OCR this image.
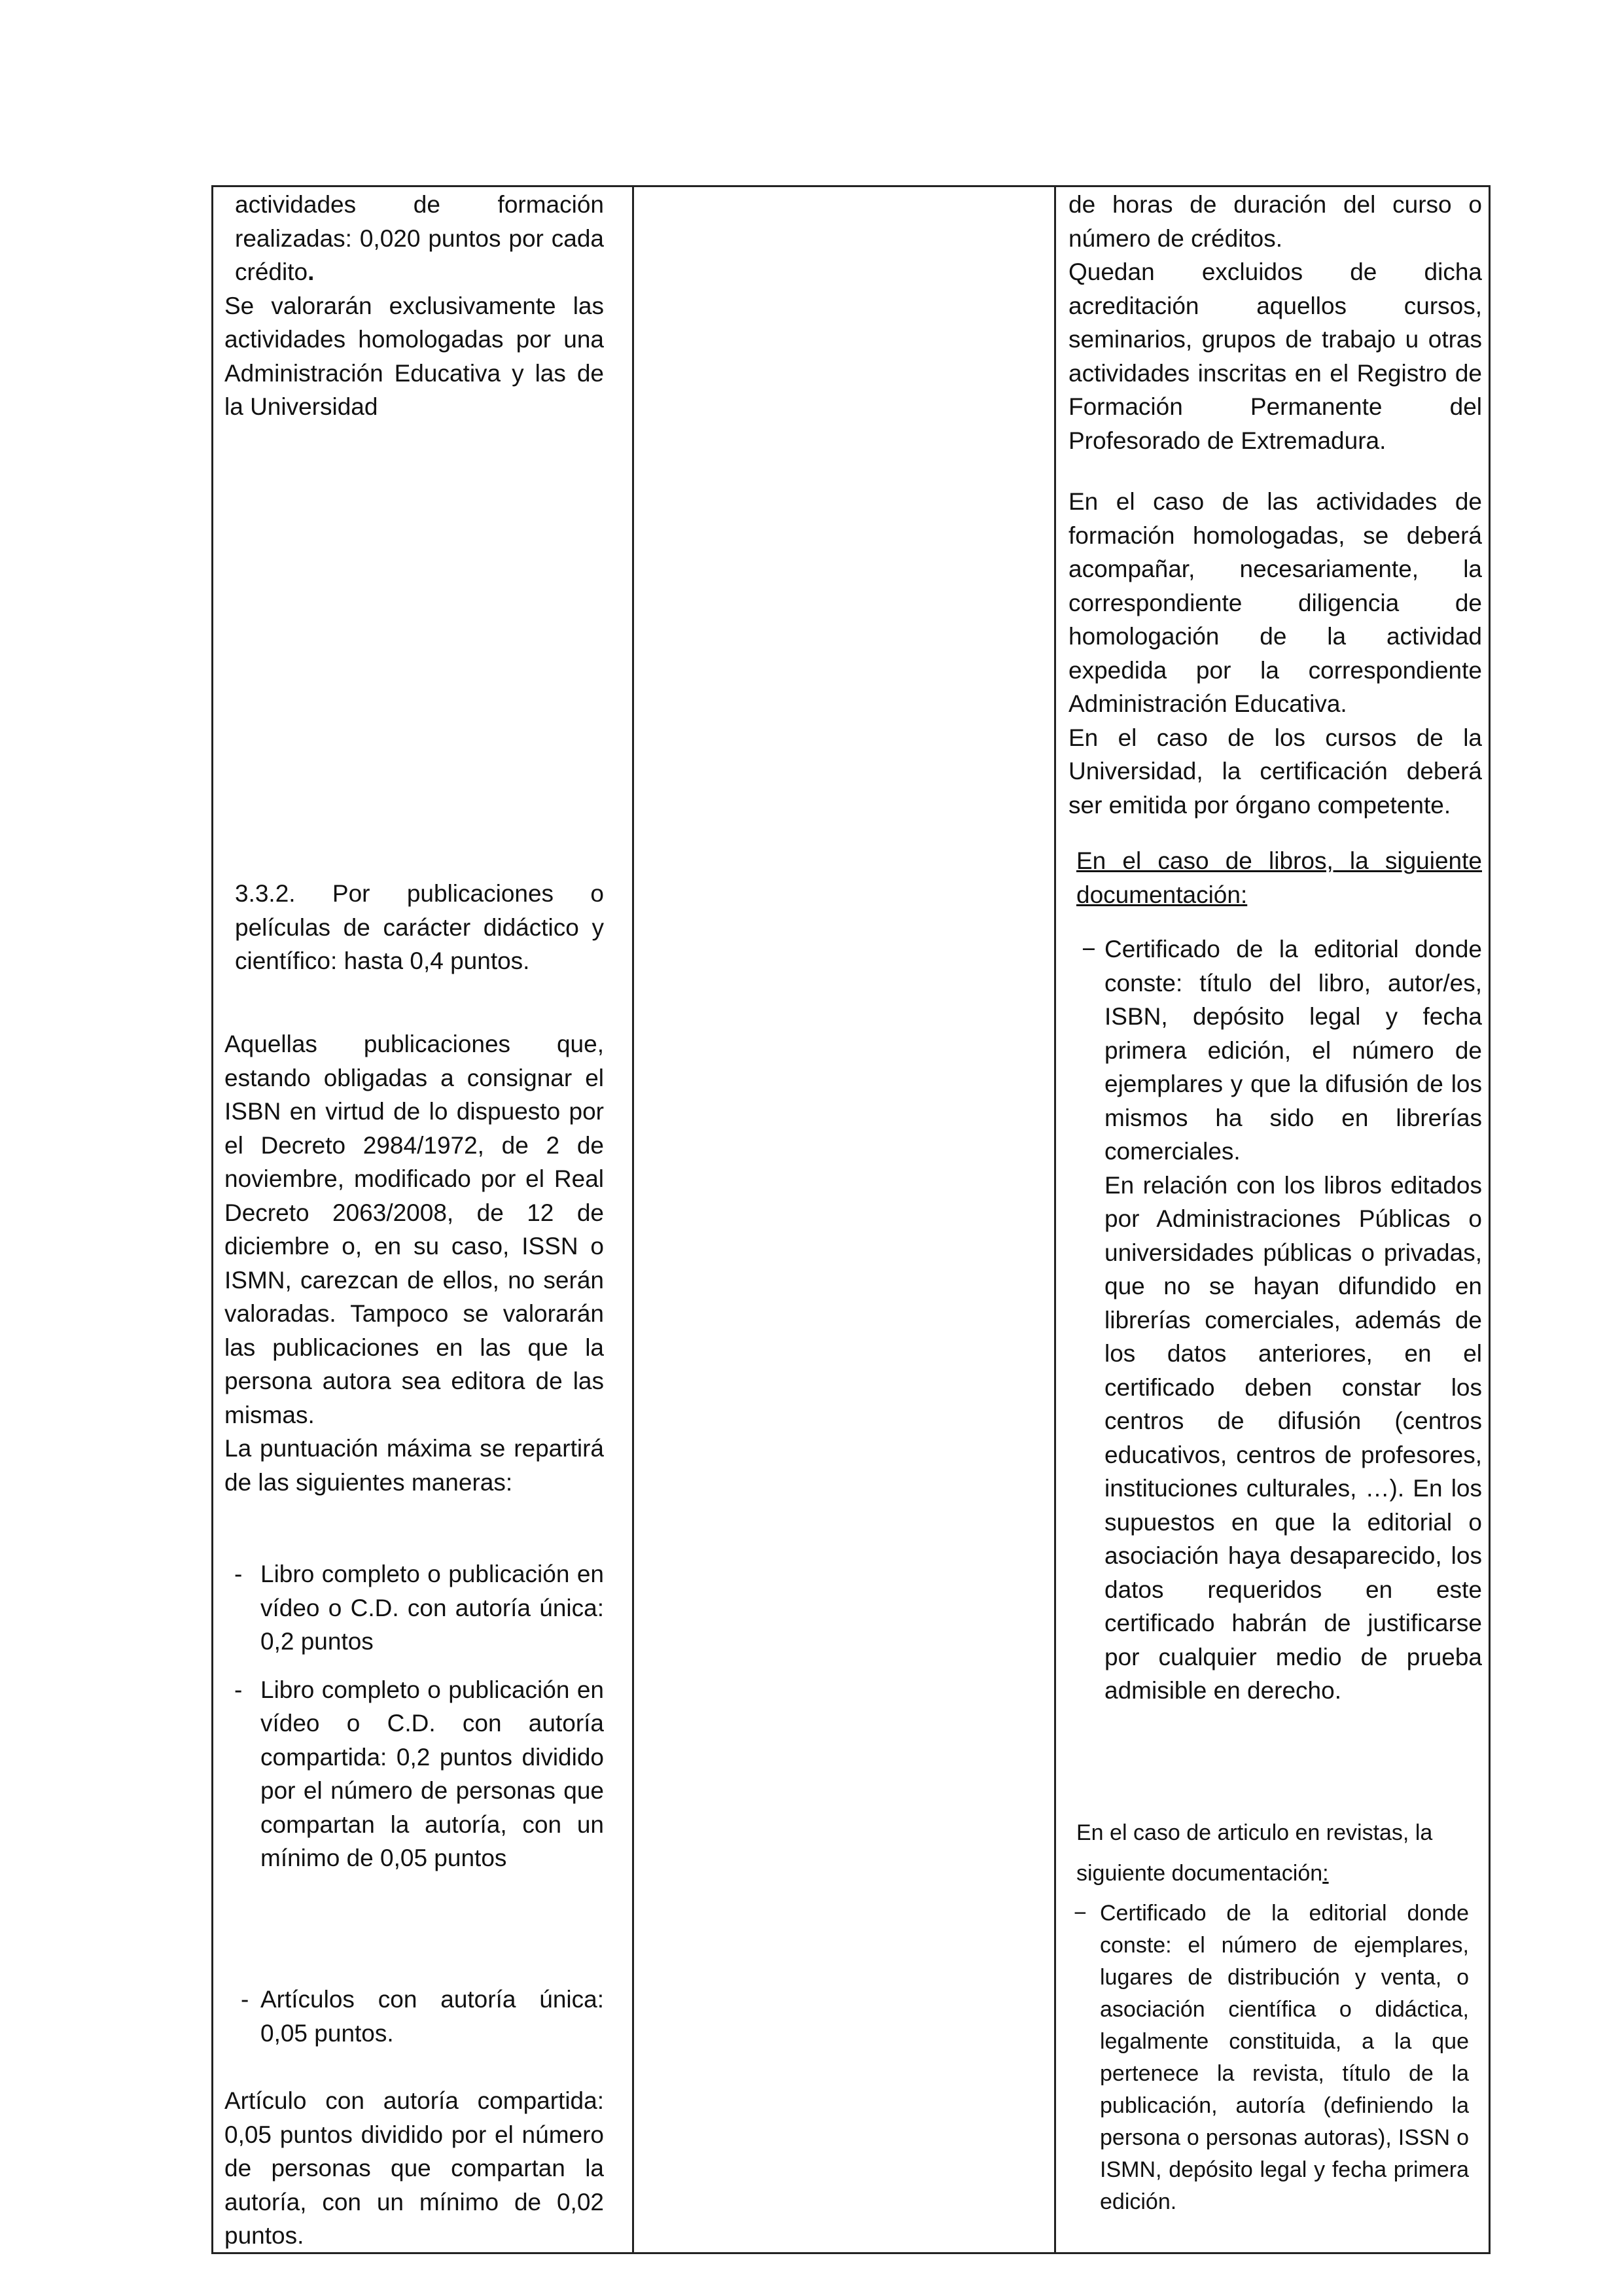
actividades de formación realizadas: 0,020 puntos por cada crédito.

Se valorarán exclusivamente las actividades homologadas por una Administración Educativa y las de la Universidad

3.3.2. Por publicaciones o películas de carácter didáctico y científico: hasta 0,4 puntos.

Aquellas publicaciones que, estando obligadas a consignar el ISBN en virtud de lo dispuesto por el Decreto 2984/1972, de 2 de noviembre, modificado por el Real Decreto 2063/2008, de 12 de diciembre o, en su caso, ISSN o ISMN, carezcan de ellos, no serán valoradas. Tampoco se valorarán las publicaciones en las que la persona autora sea editora de las mismas.

La puntuación máxima se repartirá de las siguientes maneras:

- Libro completo o publicación en vídeo o C.D. con autoría única: 0,2 puntos
- Libro completo o publicación en vídeo o C.D. con autoría compartida: 0,2 puntos dividido por el número de personas que compartan la autoría, con un mínimo de 0,05 puntos
- Artículos con autoría única: 0,05 puntos.

Artículo con autoría compartida: 0,05 puntos dividido por el número de personas que compartan la autoría, con un mínimo de 0,02 puntos.

de horas de duración del curso o número de créditos.

Quedan excluidos de dicha acreditación aquellos cursos, seminarios, grupos de trabajo u otras actividades inscritas en el Registro de Formación Permanente del Profesorado de Extremadura.

En el caso de las actividades de formación homologadas, se deberá acompañar, necesariamente, la correspondiente diligencia de homologación de la actividad expedida por la correspondiente Administración Educativa.

En el caso de los cursos de la Universidad, la certificación deberá ser emitida por órgano competente.

En el caso de libros, la siguiente documentación:

− Certificado de la editorial donde conste: título del libro, autor/es, ISBN, depósito legal y fecha primera edición, el número de ejemplares y que la difusión de los mismos ha sido en librerías comerciales.
En relación con los libros editados por Administraciones Públicas o universidades públicas o privadas, que no se hayan difundido en librerías comerciales, además de los datos anteriores, en el certificado deben constar los centros de difusión (centros educativos, centros de profesores, instituciones culturales, …). En los supuestos en que la editorial o asociación haya desaparecido, los datos requeridos en este certificado habrán de justificarse por cualquier medio de prueba admisible en derecho.

En el caso de articulo en revistas, la siguiente documentación:

− Certificado de la editorial donde conste: el número de ejemplares, lugares de distribución y venta, o asociación científica o didáctica, legalmente constituida, a la que pertenece la revista, título de la publicación, autoría (definiendo la persona o personas autoras), ISSN o ISMN, depósito legal y fecha primera edición.
